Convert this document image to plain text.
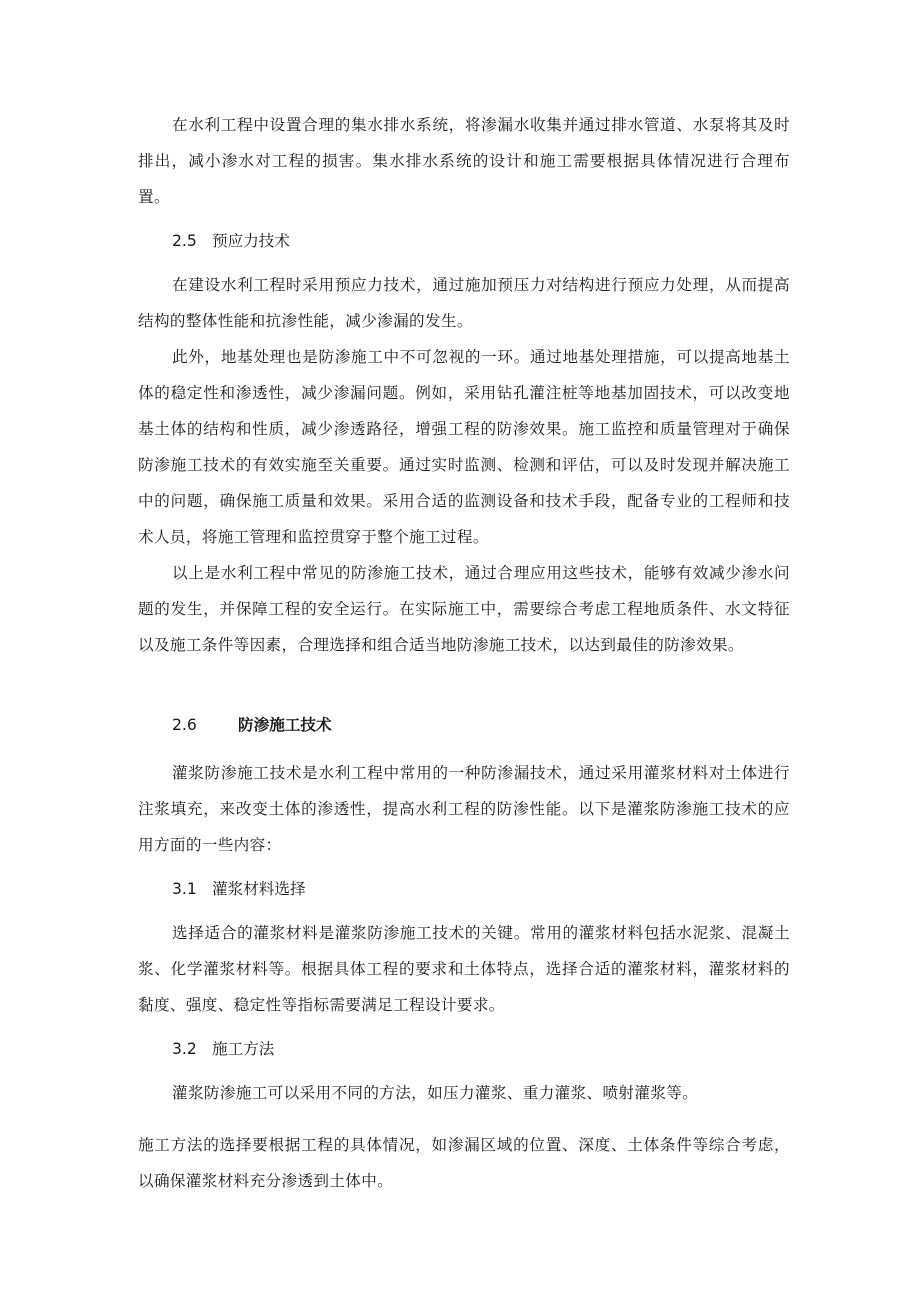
在水利工程中设置合理的集水排水系统，将渗漏水收集并通过排水管道、水泵将其及时排出，减小渗水对工程的损害。集水排水系统的设计和施工需要根据具体情况进行合理布置。

2.5 预应力技术

在建设水利工程时采用预应力技术，通过施加预压力对结构进行预应力处理，从而提高结构的整体性能和抗渗性能，减少渗漏的发生。

此外，地基处理也是防渗施工中不可忽视的一环。通过地基处理措施，可以提高地基土体的稳定性和渗透性，减少渗漏问题。例如，采用钻孔灌注桩等地基加固技术，可以改变地基土体的结构和性质，减少渗透路径，增强工程的防渗效果。施工监控和质量管理对于确保防渗施工技术的有效实施至关重要。通过实时监测、检测和评估，可以及时发现并解决施工中的问题，确保施工质量和效果。采用合适的监测设备和技术手段，配备专业的工程师和技术人员，将施工管理和监控贯穿于整个施工过程。

以上是水利工程中常见的防渗施工技术，通过合理应用这些技术，能够有效减少渗水问题的发生，并保障工程的安全运行。在实际施工中，需要综合考虑工程地质条件、水文特征以及施工条件等因素，合理选择和组合适当地防渗施工技术，以达到最佳的防渗效果。

2.6	防渗施工技术

灌浆防渗施工技术是水利工程中常用的一种防渗漏技术，通过采用灌浆材料对土体进行注浆填充，来改变土体的渗透性，提高水利工程的防渗性能。以下是灌浆防渗施工技术的应用方面的一些内容：

3.1 灌浆材料选择

选择适合的灌浆材料是灌浆防渗施工技术的关键。常用的灌浆材料包括水泥浆、混凝土浆、化学灌浆材料等。根据具体工程的要求和土体特点，选择合适的灌浆材料，灌浆材料的黏度、强度、稳定性等指标需要满足工程设计要求。

3.2 施工方法

灌浆防渗施工可以采用不同的方法，如压力灌浆、重力灌浆、喷射灌浆等。

施工方法的选择要根据工程的具体情况，如渗漏区域的位置、深度、土体条件等综合考虑，以确保灌浆材料充分渗透到土体中。
